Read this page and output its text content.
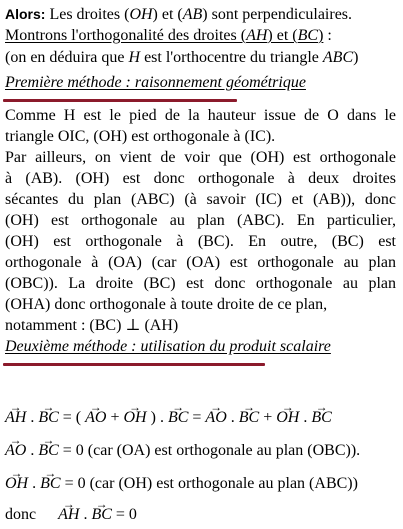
Alors: Les droites (OH) et (AB) sont perpendiculaires.
Montrons l'orthogonalité des droites (AH) et (BC) :
(on en déduira que H est l'orthocentre du triangle ABC)
Première méthode : raisonnement géométrique
Comme H est le pied de la hauteur issue de O dans le
triangle OIC, (OH) est orthogonale à (IC).
Par ailleurs, on vient de voir que (OH) est orthogonale
à (AB). (OH) est donc orthogonale à deux droites
sécantes du plan (ABC) (à savoir (IC) et (AB)), donc
(OH) est orthogonale au plan (ABC). En particulier,
(OH) est orthogonale à (BC). En outre, (BC) est
orthogonale à (OA) (car (OA) est orthogonale au plan
(OBC)). La droite (BC) est donc orthogonale au plan
(OHA) donc orthogonale à toute droite de ce plan,
notamment : (BC) ⊥ (AH)
Deuxième méthode : utilisation du produit scalaire
→ AH . → BC = ( → AO + → OH ) . → BC = → AO . → BC + → OH . → BC
→ AO . → BC = 0 (car (OA) est orthogonale au plan (OBC)).
→ OH . → BC = 0 (car (OH) est orthogonale au plan (ABC))
donc→ AH . → BC = 0
